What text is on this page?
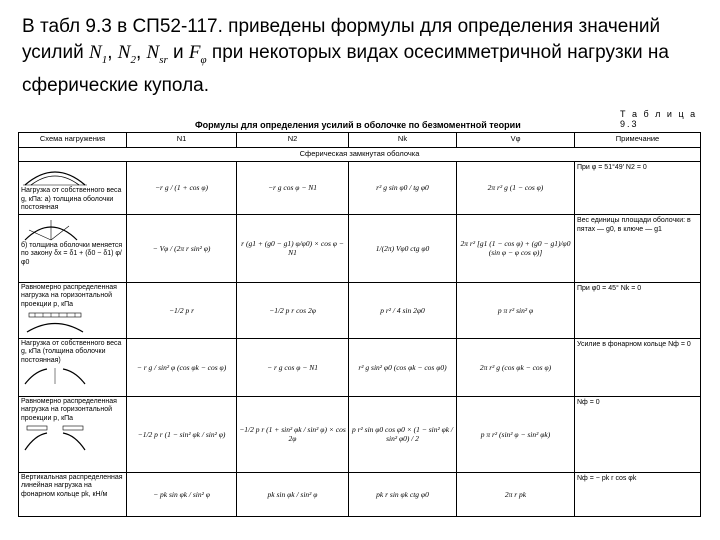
В табл 9.3 в СП52-117. приведены формулы для определения значений усилий $N_1$, $N_2$, $N_{sr}$ и $F_\varphi$ при некоторых видах осесимметричной нагрузки на сферические купола.
Т а б л и ц а 9.3
Формулы для определения усилий в оболочке по безмоментной теории
Схема нагружения	N1	N2	Nk	Vφ	Примечание
Сферическая замкнутая оболочка					

Нагрузка от собственного веса g, кПа: а) толщина оболочки постоянная	−r g / (1 + cos φ)	−r g cos φ − N1	r² g sin φ0 / tg φ0	2π r² g (1 − cos φ)	При φ = 51°49′ N2 = 0

б) толщина оболочки меняется по закону δx = δ1 + (δ0 − δ1) φ/φ0	− Vφ / (2π r sin² φ)	r (g1 + (g0 − g1) φ/φ0) × cos φ − N1	1/(2π) Vφ0 ctg φ0	2π r² [g1 (1 − cos φ) + (g0 − g1)/φ0 (sin φ − φ cos φ)]	Вес единицы площади оболочки: в пятах — g0, в ключе — g1
Равномерно распределенная нагрузка на горизонтальной проекции p, кПа	−1/2 p r	−1/2 p r cos 2φ	p r² / 4 sin 2φ0	p π r² sin² φ	При φ0 = 45° Nk = 0
Нагрузка от собственного веса g, кПа (толщина оболочки постоянная)	− r g / sin² φ (cos φk − cos φ)	− r g cos φ − N1	r² g sin² φ0 (cos φk − cos φ0)	2π r² g (cos φk − cos φ)	Усилие в фонарном кольце Nф = 0
Равномерно распределенная нагрузка на горизонтальной проекции p, кПа	−1/2 p r (1 − sin² φk / sin² φ)	−1/2 p r (1 + sin² φk / sin² φ) × cos 2φ	p r² sin φ0 cos φ0 × (1 − sin² φk / sin² φ0) / 2	p π r² (sin² φ − sin² φk)	Nф = 0
Вертикальная распределенная линейная нагрузка на фонарном кольце pk, кН/м	− pk sin φk / sin² φ	pk sin φk / sin² φ	pk r sin φk ctg φ0	2π r pk	Nф = − pk r cos φk
